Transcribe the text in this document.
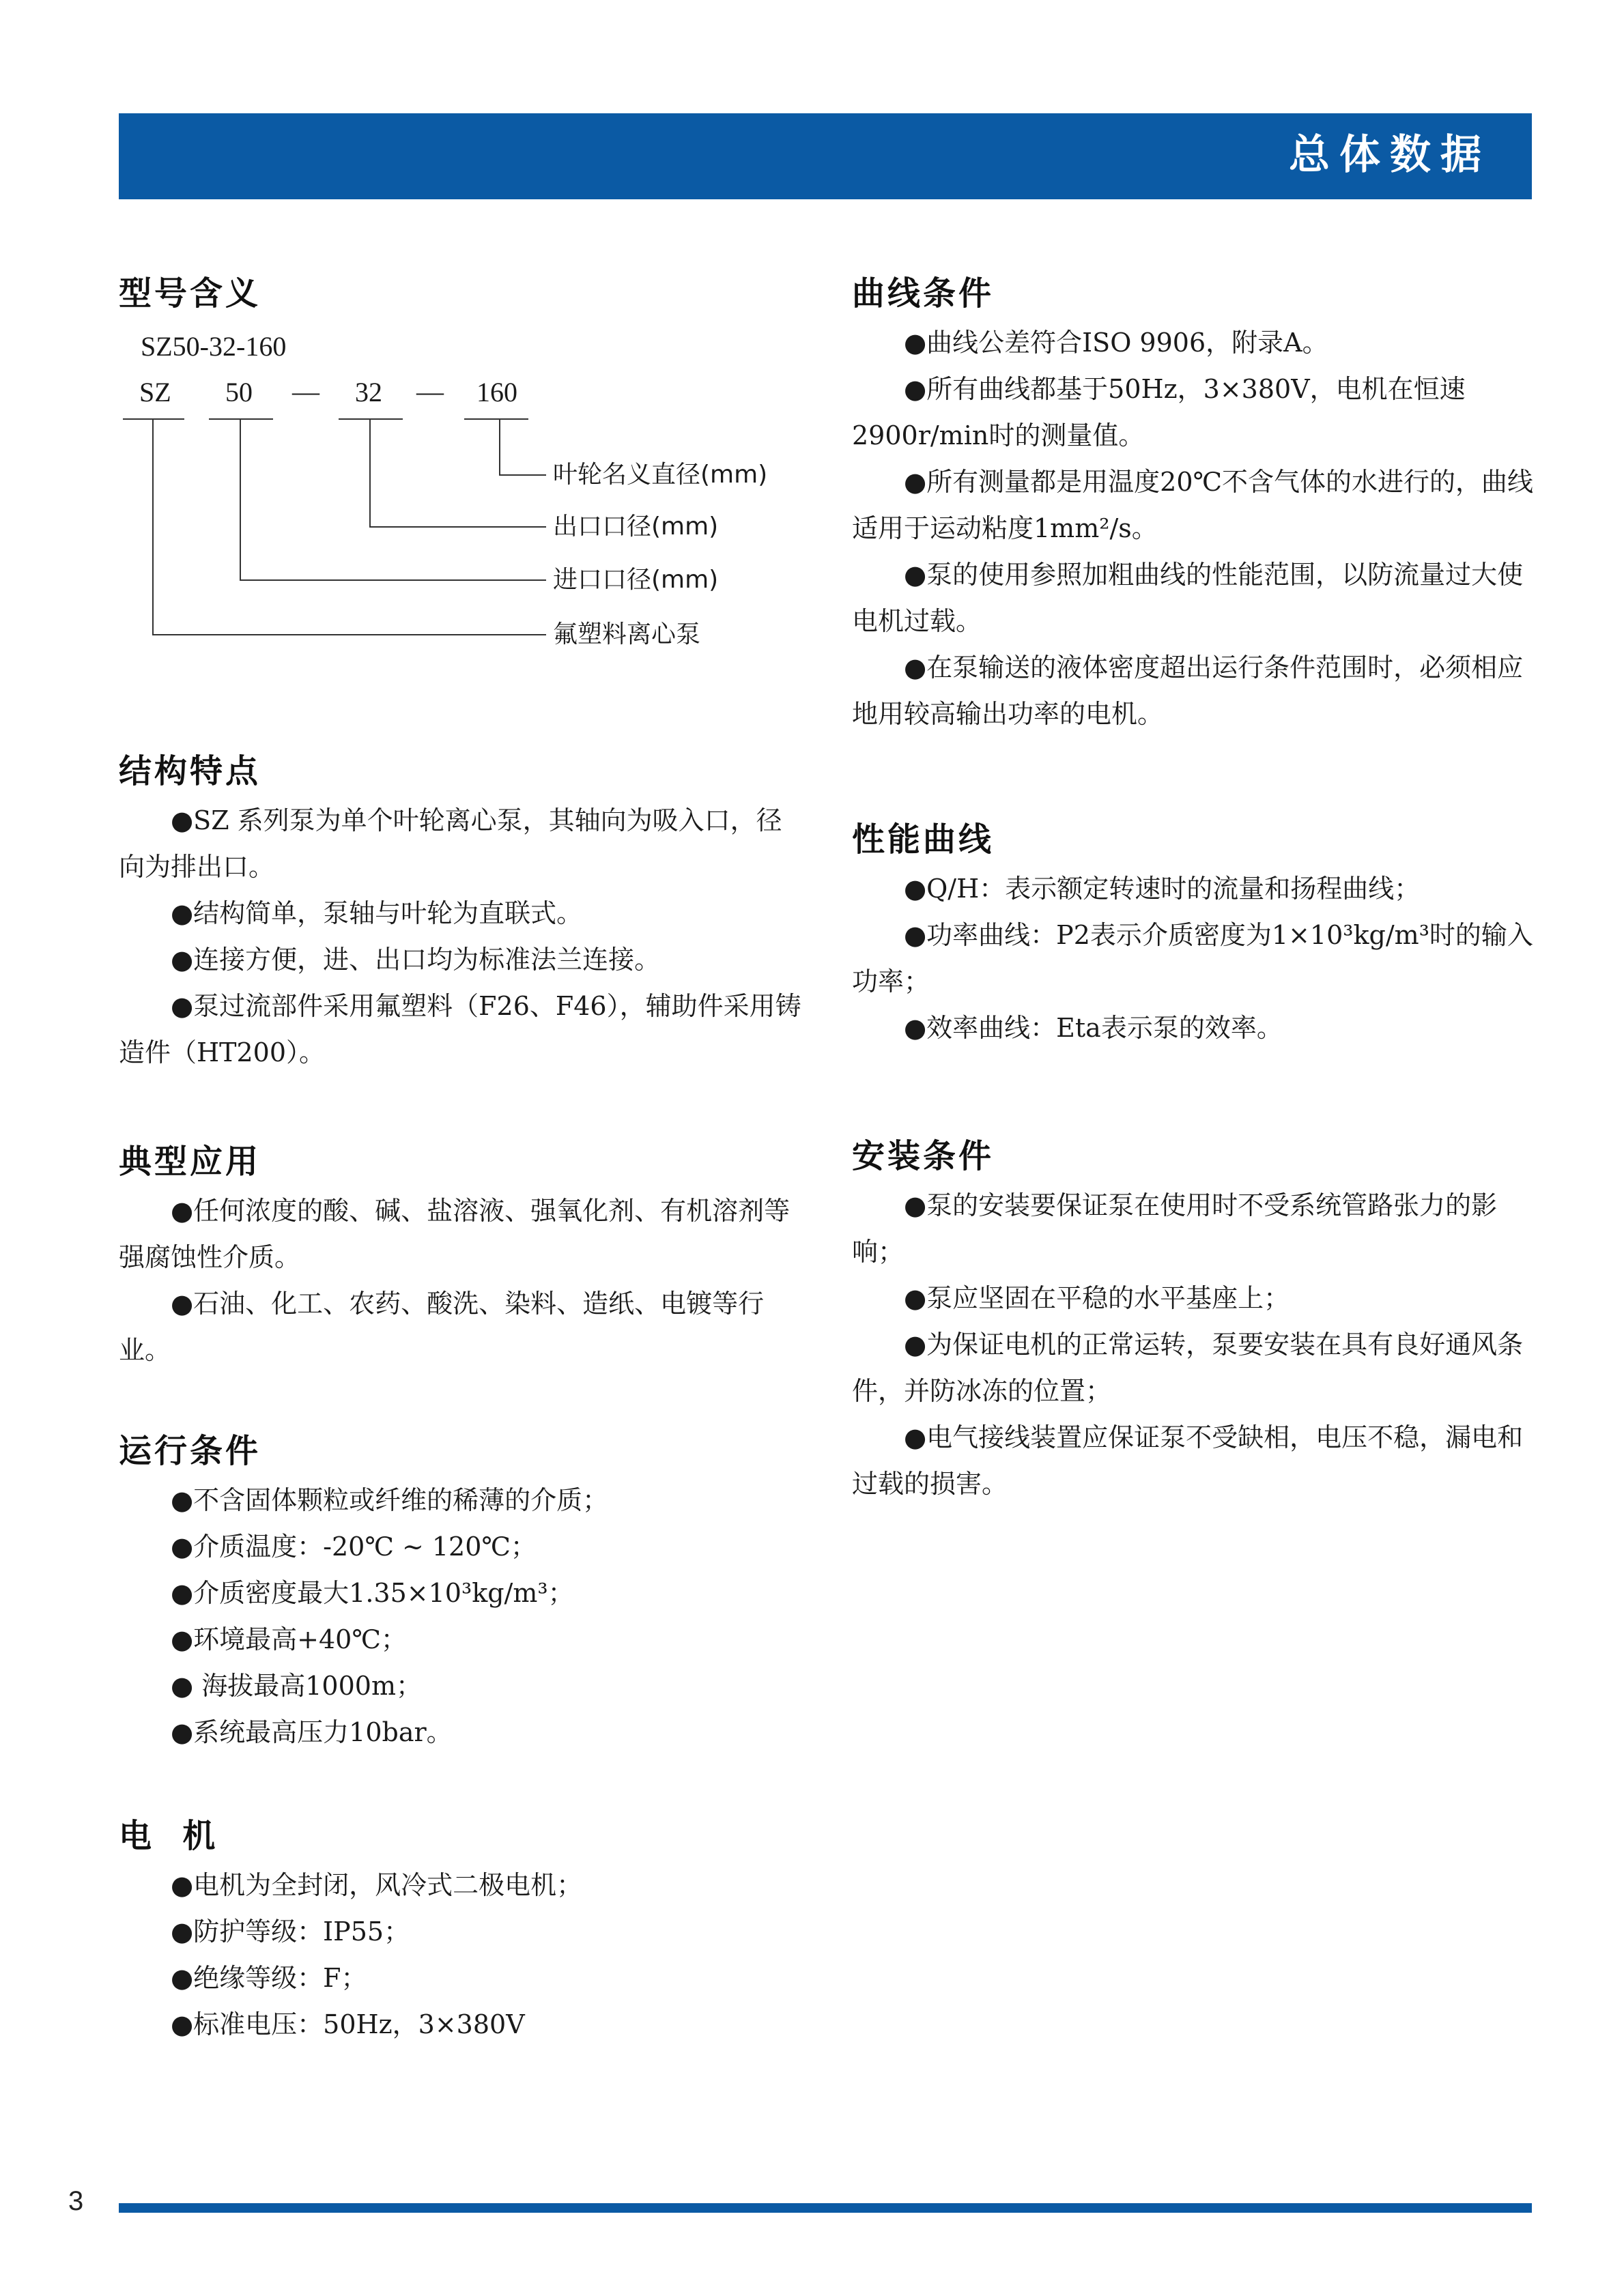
总体数据
型号含义
SZ50-32-160
SZ 50 — 32 — 160
叶轮名义直径(mm)
出口口径(mm)
进口口径(mm)
氟塑料离心泵
结构特点

●SZ 系列泵为单个叶轮离心泵，其轴向为吸入口，径向为排出口。

●结构简单，泵轴与叶轮为直联式。

●连接方便，进、出口均为标准法兰连接。

●泵过流部件采用氟塑料（F26、F46），辅助件采用铸造件（HT200）。

典型应用

●任何浓度的酸、碱、盐溶液、强氧化剂、有机溶剂等强腐蚀性介质。

●石油、化工、农药、酸洗、染料、造纸、电镀等行业。

运行条件

●不含固体颗粒或纤维的稀薄的介质；

●介质温度：-20℃ ~ 120℃；

●介质密度最大1.35×10³kg/m³；

●环境最高+40℃；

● 海拔最高1000m；

●系统最高压力10bar。

电  机

●电机为全封闭，风冷式二极电机；

●防护等级：IP55；

●绝缘等级：F；

●标准电压：50Hz，3×380V

曲线条件

●曲线公差符合ISO 9906，附录A。

●所有曲线都基于50Hz，3×380V，电机在恒速2900r/min时的测量值。

●所有测量都是用温度20℃不含气体的水进行的，曲线适用于运动粘度1mm²/s。

●泵的使用参照加粗曲线的性能范围，以防流量过大使电机过载。

●在泵输送的液体密度超出运行条件范围时，必须相应地用较高输出功率的电机。

性能曲线

●Q/H：表示额定转速时的流量和扬程曲线；

●功率曲线：P2表示介质密度为1×10³kg/m³时的输入功率；

●效率曲线：Eta表示泵的效率。

安装条件

●泵的安装要保证泵在使用时不受系统管路张力的影响；

●泵应坚固在平稳的水平基座上；

●为保证电机的正常运转，泵要安装在具有良好通风条件，并防冰冻的位置；

●电气接线装置应保证泵不受缺相，电压不稳，漏电和过载的损害。

3
